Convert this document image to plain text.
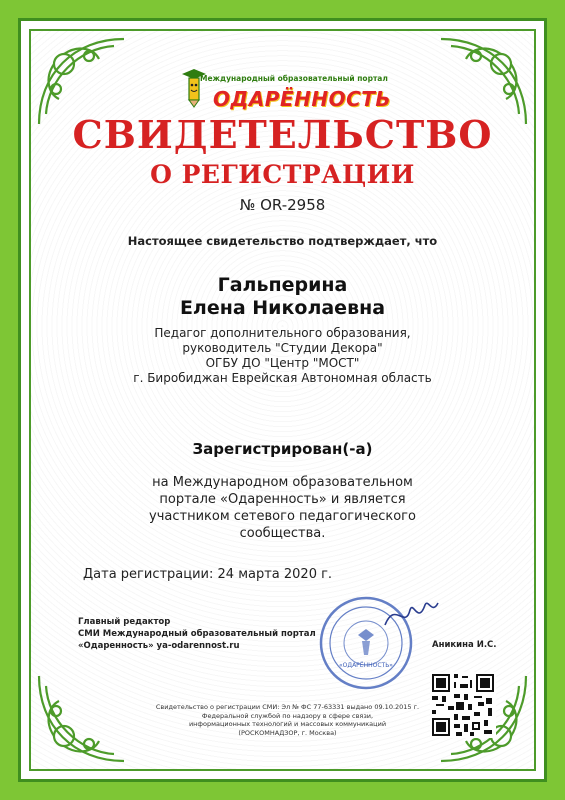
Международный образовательный портал
ОДАРЁННОСТЬ
СВИДЕТЕЛЬСТВО
О РЕГИСТРАЦИИ
№ OR-2958
Настоящее свидетельство подтверждает, что
Гальперина
Елена Николаевна
Педагог дополнительного образования, руководитель "Студии Декора"
ОГБУ ДО "Центр "МОСТ"
г. Биробиджан Еврейская Автономная область
Зарегистрирован(-а)
на Международном образовательном портале «Одаренность» и является участником сетевого педагогического сообщества.
Дата регистрации: 24 марта 2020 г.
Главный редактор
СМИ Международный образовательный портал
«Одаренность» ya-odarennost.ru	Аникина И.С.
«ОДАРЁННОСТЬ»
Свидетельство о регистрации СМИ: Эл № ФС 77-63331 выдано 09.10.2015 г.
Федеральной службой по надзору в сфере связи,
информационных технологий и массовых коммуникаций
(РОСКОМНАДЗОР, г. Москва)
